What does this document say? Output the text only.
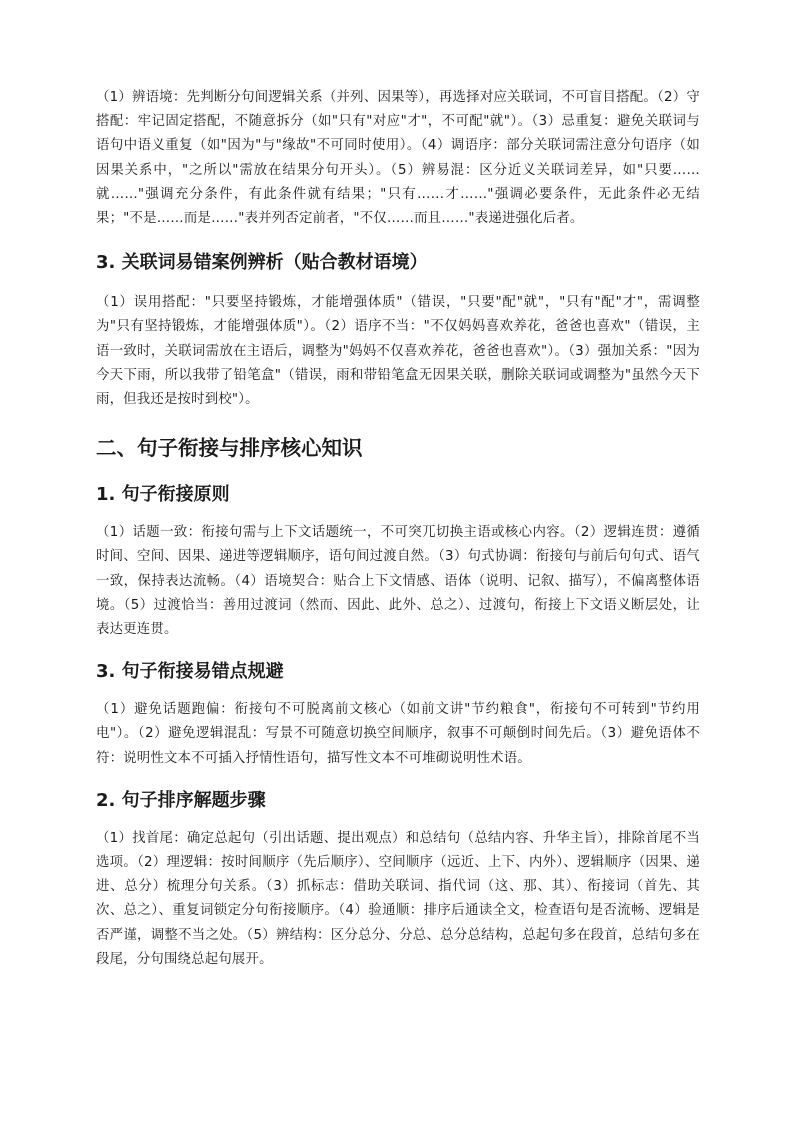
（1）辨语境：先判断分句间逻辑关系（并列、因果等），再选择对应关联词，不可盲目搭配。（2）守搭配：牢记固定搭配，不随意拆分（如"只有"对应"才"，不可配"就"）。（3）忌重复：避免关联词与语句中语义重复（如"因为"与"缘故"不可同时使用）。（4）调语序：部分关联词需注意分句语序（如因果关系中，"之所以"需放在结果分句开头）。（5）辨易混：区分近义关联词差异，如"只要……就……"强调充分条件，有此条件就有结果；"只有……才……"强调必要条件，无此条件必无结果；"不是……而是……"表并列否定前者，"不仅……而且……"表递进强化后者。

3. 关联词易错案例辨析（贴合教材语境）

（1）误用搭配："只要坚持锻炼，才能增强体质"（错误，"只要"配"就"，"只有"配"才"，需调整为"只有坚持锻炼，才能增强体质"）。（2）语序不当："不仅妈妈喜欢养花，爸爸也喜欢"（错误，主语一致时，关联词需放在主语后，调整为"妈妈不仅喜欢养花，爸爸也喜欢"）。（3）强加关系："因为今天下雨，所以我带了铅笔盒"（错误，雨和带铅笔盒无因果关联，删除关联词或调整为"虽然今天下雨，但我还是按时到校"）。

二、句子衔接与排序核心知识
1. 句子衔接原则

（1）话题一致：衔接句需与上下文话题统一，不可突兀切换主语或核心内容。（2）逻辑连贯：遵循时间、空间、因果、递进等逻辑顺序，语句间过渡自然。（3）句式协调：衔接句与前后句句式、语气一致，保持表达流畅。（4）语境契合：贴合上下文情感、语体（说明、记叙、描写），不偏离整体语境。（5）过渡恰当：善用过渡词（然而、因此、此外、总之）、过渡句，衔接上下文语义断层处，让表达更连贯。

3. 句子衔接易错点规避

（1）避免话题跑偏：衔接句不可脱离前文核心（如前文讲"节约粮食"，衔接句不可转到"节约用电"）。（2）避免逻辑混乱：写景不可随意切换空间顺序，叙事不可颠倒时间先后。（3）避免语体不符：说明性文本不可插入抒情性语句，描写性文本不可堆砌说明性术语。

2. 句子排序解题步骤

（1）找首尾：确定总起句（引出话题、提出观点）和总结句（总结内容、升华主旨），排除首尾不当选项。（2）理逻辑：按时间顺序（先后顺序）、空间顺序（远近、上下、内外）、逻辑顺序（因果、递进、总分）梳理分句关系。（3）抓标志：借助关联词、指代词（这、那、其）、衔接词（首先、其次、总之）、重复词锁定分句衔接顺序。（4）验通顺：排序后通读全文，检查语句是否流畅、逻辑是否严谨，调整不当之处。（5）辨结构：区分总分、分总、总分总结构，总起句多在段首，总结句多在段尾，分句围绕总起句展开。
